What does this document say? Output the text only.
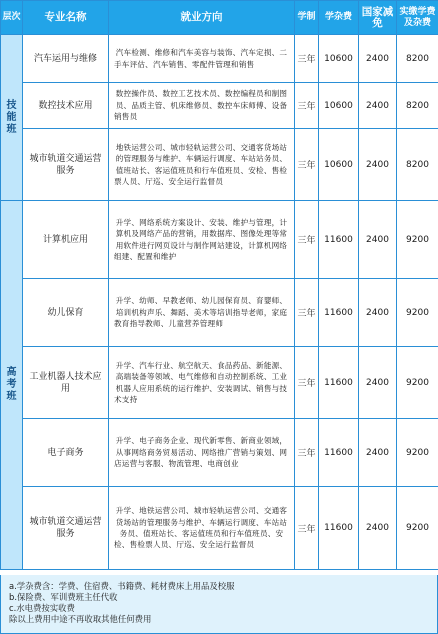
层次	专业名称	就业方向	学制	学杂费	国家减免	实缴学费及杂费
技能班	汽车运用与维修	汽车检测、维修和汽车美容与装饰、汽车定损、二手车评估、汽车销售、零配件管理和销售	三年	10600	2400	8200
	数控技术应用	数控操作员、数控工艺技术员、数控编程员和制图员、品质主管、机床维修员、数控车床师傅、设备销售员	三年	10600	2400	8200
	城市轨道交通运营服务	地铁运营公司、城市轻轨运营公司、交通客货场站的管理服务与维护、车辆运行调度、车站站务员、值班站长、客运值班员和行车值班员、安检、售检票人员、厅巡、安全运行监督员	三年	10600	2400	8200
高考班	计算机应用	升学、网络系统方案设计、安装、维护与管理，计算机及网络产品的营销，用数据库、图像处理等常用软件进行网页设计与制作网站建设，计算机网络组建、配置和维护	三年	11600	2400	9200
	幼儿保育	升学、幼师、早教老师、幼儿园保育员、育婴师、培训机构声乐、舞蹈、美术等培训指导老师，家庭教育指导教师、儿童营养管理师	三年	11600	2400	9200
	工业机器人技术应用	升学、汽车行业、航空航天、食品药品、新能源、高端装备等领域、电气维修和自动控制系统、工业机器人应用系统的运行维护、安装调试、销售与技术支持	三年	11600	2400	9200
	电子商务	升学、电子商务企业、现代新零售、新商业领域，从事网络商务贸易活动、网络推广营销与策划、网店运营与客服、物流管理、电商创业	三年	11600	2400	9200
	城市轨道交通运营服务	升学、地铁运营公司、城市轻轨运营公司、交通客货场站的管理服务与维护、车辆运行调度、车站站务员、值班站长、客运值班员和行车值班员、安检、售检票人员、厅巡、安全运行监督员	三年	11600	2400	9200
a.学杂费含：学费、住宿费、书籍费、耗材费床上用品及校服
b.保险费、军训费班主任代收
c.水电费按实收费
除以上费用中途不再收取其他任何费用
